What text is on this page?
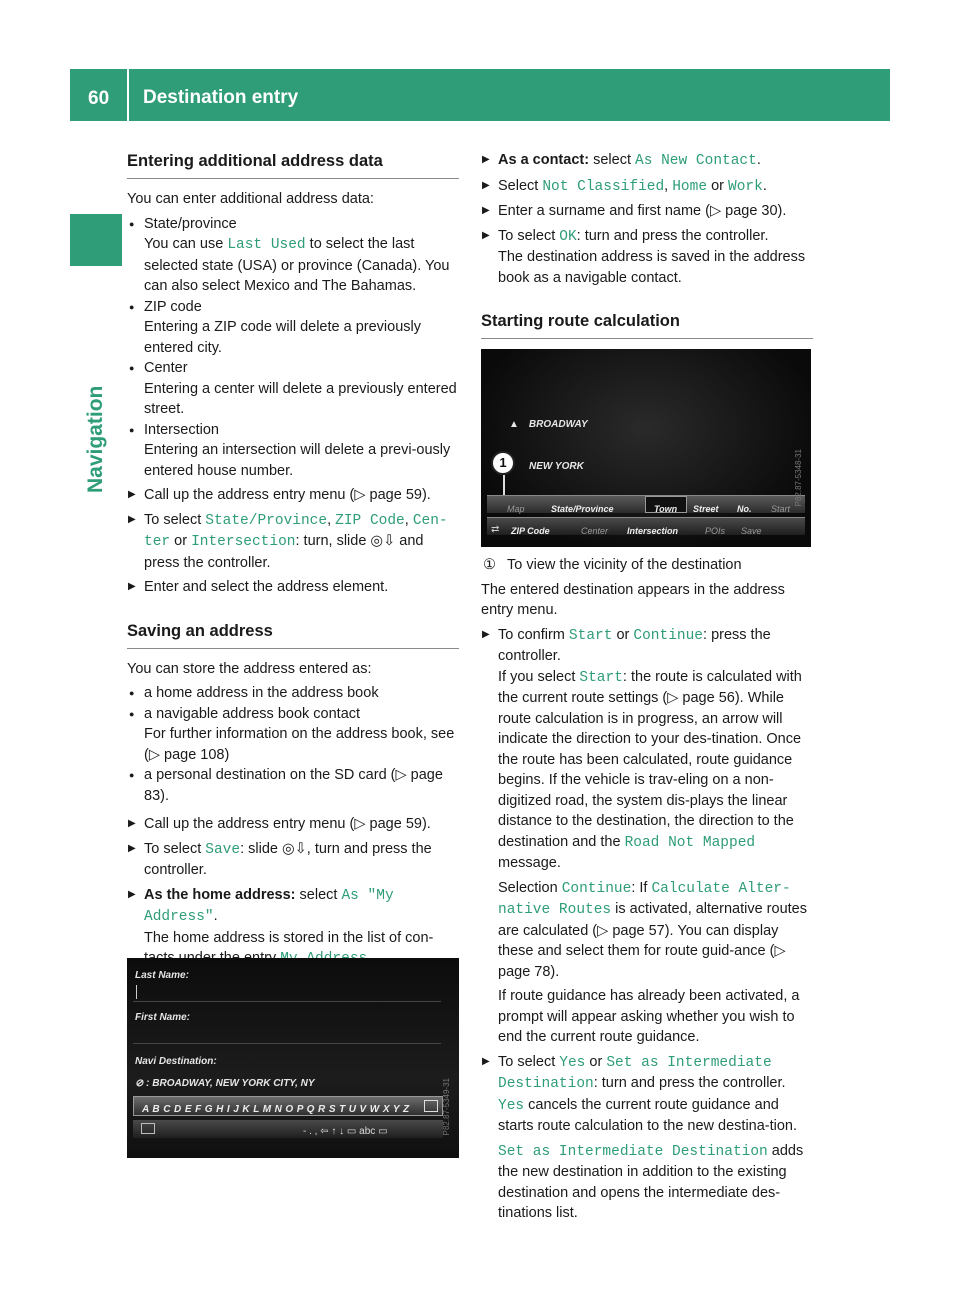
60 Destination entry
Navigation
Entering additional address data

You can enter additional address data:

● State/province

You can use Last Used to select the last selected state (USA) or province (Canada). You can also select Mexico and The Bahamas.

● ZIP code

Entering a ZIP code will delete a previously entered city.

● Center

Entering a center will delete a previously entered street.

● Intersection

Entering an intersection will delete a previ-ously entered house number.

▶ Call up the address entry menu (▷ page 59).

▶ To select State/Province, ZIP Code, Cen-ter or Intersection: turn, slide ◎⇩ and press the controller.

▶ Enter and select the address element.

Saving an address

You can store the address entered as:

● a home address in the address book

● a navigable address book contact

For further information on the address book, see (▷ page 108)

● a personal destination on the SD card (▷ page 83).

▶ Call up the address entry menu (▷ page 59).

▶ To select Save: slide ◎⇩, turn and press the controller.

▶ As the home address: select As "My Address".

The home address is stored in the list of con-

Last Name:
First Name:
Navi Destination:
⊘ : BROADWAY, NEW YORK CITY, NY
A B C D E F G H I J K L M N O P Q R S T U V W X Y Z
- . , ⇦ ↑ ↓ ▭ abc ▭	P82.87-5349-31

▶ As a contact: select As New Contact.

▶ Select Not Classified, Home or Work.

▶ Enter a surname and first name (▷ page 30).

▶ To select OK: turn and press the controller.

The destination address is saved in the address book as a navigable contact.

Starting route calculation
▲ BROADWAY
NEW YORK
1
Map	State/Province	Town Street No. Start
⇄ ZIP Code	Center Intersection	POIs Save
P82.87-5348-31
① To view the vicinity of the destination

The entered destination appears in the address entry menu.

▶ To confirm Start or Continue: press the controller.

If you select Start: the route is calculated with the current route settings (▷ page 56). While route calculation is in progress, an arrow will indicate the direction to your des-tination. Once the route has been calculated, route guidance begins. If the vehicle is trav-eling on a non-digitized road, the system dis-plays the linear distance to the destination, the direction to the destination and the Road Not Mapped message.

Selection Continue: If Calculate Alter-native Routes is activated, alternative routes are calculated (▷ page 57). You can display these and select them for route guid-ance (▷ page 78).

If route guidance has already been activated, a prompt will appear asking whether you wish to end the current route guidance.

▶ To select Yes or Set as Intermediate Destination: turn and press the controller.

Yes cancels the current route guidance and starts route calculation to the new destina-tion.

Set as Intermediate Destination adds the new destination in addition to the existing destination and opens the intermediate des-tinations list.
